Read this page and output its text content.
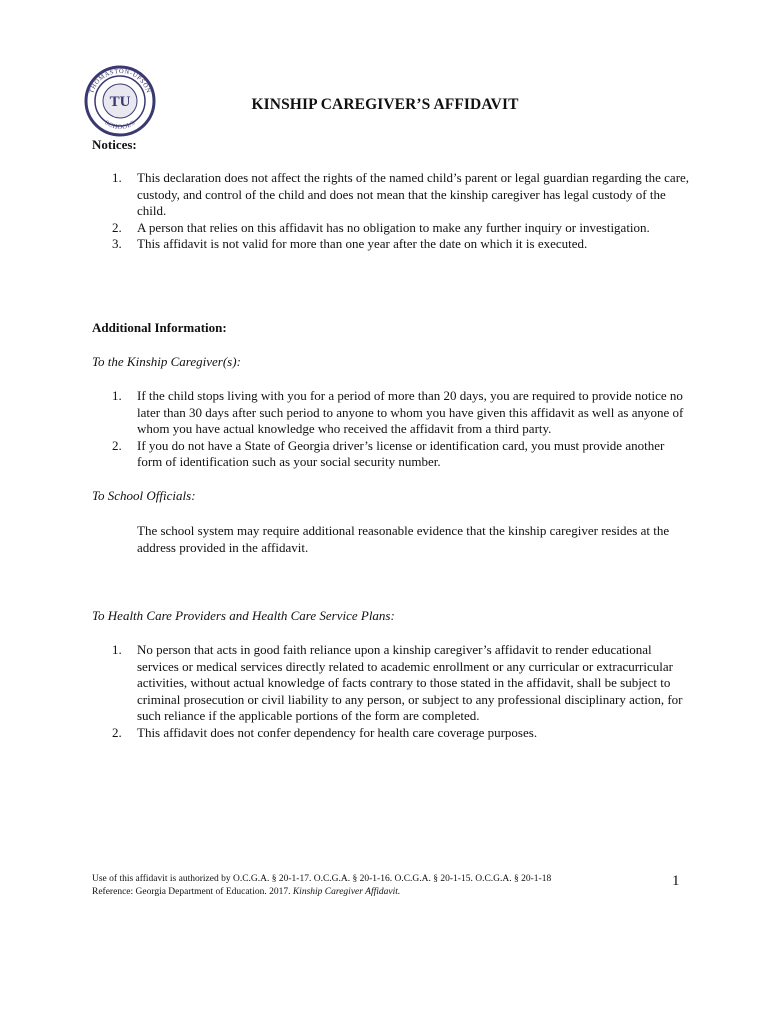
THOMASTON-UPSON
SCHOOLS
TU	KINSHIP CAREGIVER’S AFFIDAVIT
Notices:
1. This declaration does not affect the rights of the named child’s parent or legal guardian regarding the care, custody, and control of the child and does not mean that the kinship caregiver has legal custody of the child.
2. A person that relies on this affidavit has no obligation to make any further inquiry or investigation.
3. This affidavit is not valid for more than one year after the date on which it is executed.
Additional Information:
To the Kinship Caregiver(s):
1. If the child stops living with you for a period of more than 20 days, you are required to provide notice no later than 30 days after such period to anyone to whom you have given this affidavit as well as anyone of whom you have actual knowledge who received the affidavit from a third party.
2. If you do not have a State of Georgia driver’s license or identification card, you must provide another form of identification such as your social security number.
To School Officials:
The school system may require additional reasonable evidence that the kinship caregiver resides at the address provided in the affidavit.
To Health Care Providers and Health Care Service Plans:
1. No person that acts in good faith reliance upon a kinship caregiver’s affidavit to render educational services or medical services directly related to academic enrollment or any curricular or extracurricular activities, without actual knowledge of facts contrary to those stated in the affidavit, shall be subject to criminal prosecution or civil liability to any person, or subject to any professional disciplinary action, for such reliance if the applicable portions of the form are completed.
2. This affidavit does not confer dependency for health care coverage purposes.
Use of this affidavit is authorized by O.C.G.A. § 20-1-17. O.C.G.A. § 20-1-16. O.C.G.A. § 20-1-15. O.C.G.A. § 20-1-18
Reference: Georgia Department of Education. 2017. Kinship Caregiver Affidavit.
1
